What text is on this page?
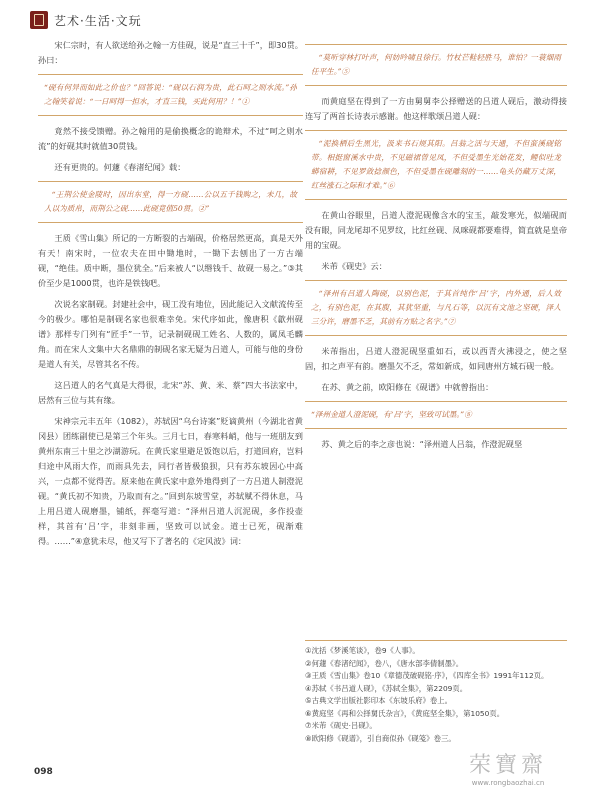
艺术·生活·文玩

宋仁宗时，有人欲送给孙之翰一方佳砚，说是“直三十千”，即30贯。孙曰：

“砚有何异而如此之价也？”回答说：“砚以石润为贵，此石呵之则水流。”孙之翰笑着说：“一日呵得一担水，才直三钱，买此何用？！”①

竟然不接受馈赠。孙之翰用的是偷换概念的诡辩术，不过“呵之则水流”的好砚其时就值30贯钱。

还有更贵的。何蘧《春渚纪闻》载：

“王荆公使金陵时，因出东堂，得一方砚……公以五千钱购之，未几，故人以为质帛，而荆公之砚……此砚竟值50贯。②”

王质《雪山集》所记的一方断裂的古端砚，价格居然更高，真是天外有天！南宋时，一位农夫在田中锄地时，一锄下去刨出了一方古端砚，“绝佳。质中断，墨位犹全。”后来被人“以缗钱千、故砚一易之。”③其价至少是1000贯，也许是铁钱吧。

次说名家制砚。封建社会中，砚工没有地位，因此能记入文献流传至今的极少。哪怕是制砚名家也很难幸免。宋代序如此，像唐积《歙州砚谱》那样专门列有“匠手”一节，记录制砚砚工姓名、人数的，属凤毛麟角。而在宋人文集中大名鼎鼎的制砚名家无疑为吕道人，可能与他的身份是道人有关，尽管其名不传。

这吕道人的名气真是大得很，北宋“苏、黄、米、蔡”四大书法家中，居然有三位与其有缘。

宋神宗元丰五年（1082），苏轼因“乌台诗案”贬谪黄州（今湖北省黄冈县）团练副使已是第三个年头。三月七日，春寒料峭，他与一班朋友到黄州东南三十里之沙湖游玩。在黄氏家里避足饭饱以后，打道回府，岂料归途中风雨大作，而雨具先去，同行者皆极狼狈，只有苏东坡因心中高兴，一点都不觉得苦。原来他在黄氏家中意外地得到了一方吕道人制澄泥砚。“黄氏初不知贵，乃取而有之。”回到东坡雪堂，苏轼赋不得休息，马上用吕道人砚磨墨，铺纸，挥毫写道：“泽州吕道人沉泥砚，多作投壶样，其首有‘吕’字，非刻非画，坚致可以试金。道士已死，砚渐难得。……”④意犹未尽，他又写下了著名的《定风波》词：

“莫听穿林打叶声，何妨吟啸且徐行。竹杖芒鞋轻胜马，谁怕？一蓑烟雨任平生。”⑤

而黄庭坚在得到了一方由舅舅李公择赠送的吕道人砚后，激动得接连写了两首长诗表示感谢。他这样歌颂吕道人砚：

“泥换栖后生黑光，汲来书石规其阳。吕翁之活与天通，不但蛮溪砚铭带。相挺窗溪水中贵，不见磁裙曾见凤，不但受墨生光始花发，鲤似吐龙蟒宿耕，不见罗敛捻颜色，不但受墨在砚雕刻的一……龟头仍藏万丈深，红丝涨石之际和才难。”⑥

在黄山谷眼里，吕道人澄泥砚像含水的宝玉，敲发寒光，似端砚而没有眼，同龙尾却不见罗纹，比红丝砚、凤咪砚都要难得，简直就是皇帝用的宝砚。

米芾《砚史》云：

“泽州有吕道人陶砚，以别色泥，于其首纯作‘吕’字，内外通，后人效之，有别色泥，在其腹，其犹坚重，与凡石等，以沉有文池之坚硬，泽人三分许，磨墨不乏，其前有方贴之名字。”⑦

米芾指出，吕道人澄泥砚坚重如石，或以西青火沸浸之，使之坚固，扣之声平有韵。磨墨欠不乏，常如新成，如同唐州方城石砚一般。

在苏、黄之前，欧阳修在《砚谱》中就曾指出：

“泽州金道人澄泥砚，有‘吕’字，坚致可试墨。”⑧

苏、黄之后的李之彦也说：“泽州道人吕翁，作澄泥砚坚

①沈括《梦溪笔谈》，卷9《人事》。
②何蘧《春渚纪闻》，卷八，《唐水部李倩制墨》。
③王质《雪山集》卷10《章德茂破砚铭·序》，《四库全书》1991年112页。
④苏轼《书吕道人砚》，《苏轼全集》，第2209页。
⑤古典文学出版社影印本《东坡乐府》卷上。
⑥黄庭坚《再和公择舅氏杂言》，《黄庭坚全集》，第1050页。
⑦米芾《砚史·吕砚》。
⑧欧阳修《砚谱》，引自商似孙《砚笺》卷三。
098	荣寶齋
www.rongbaozhai.cn
